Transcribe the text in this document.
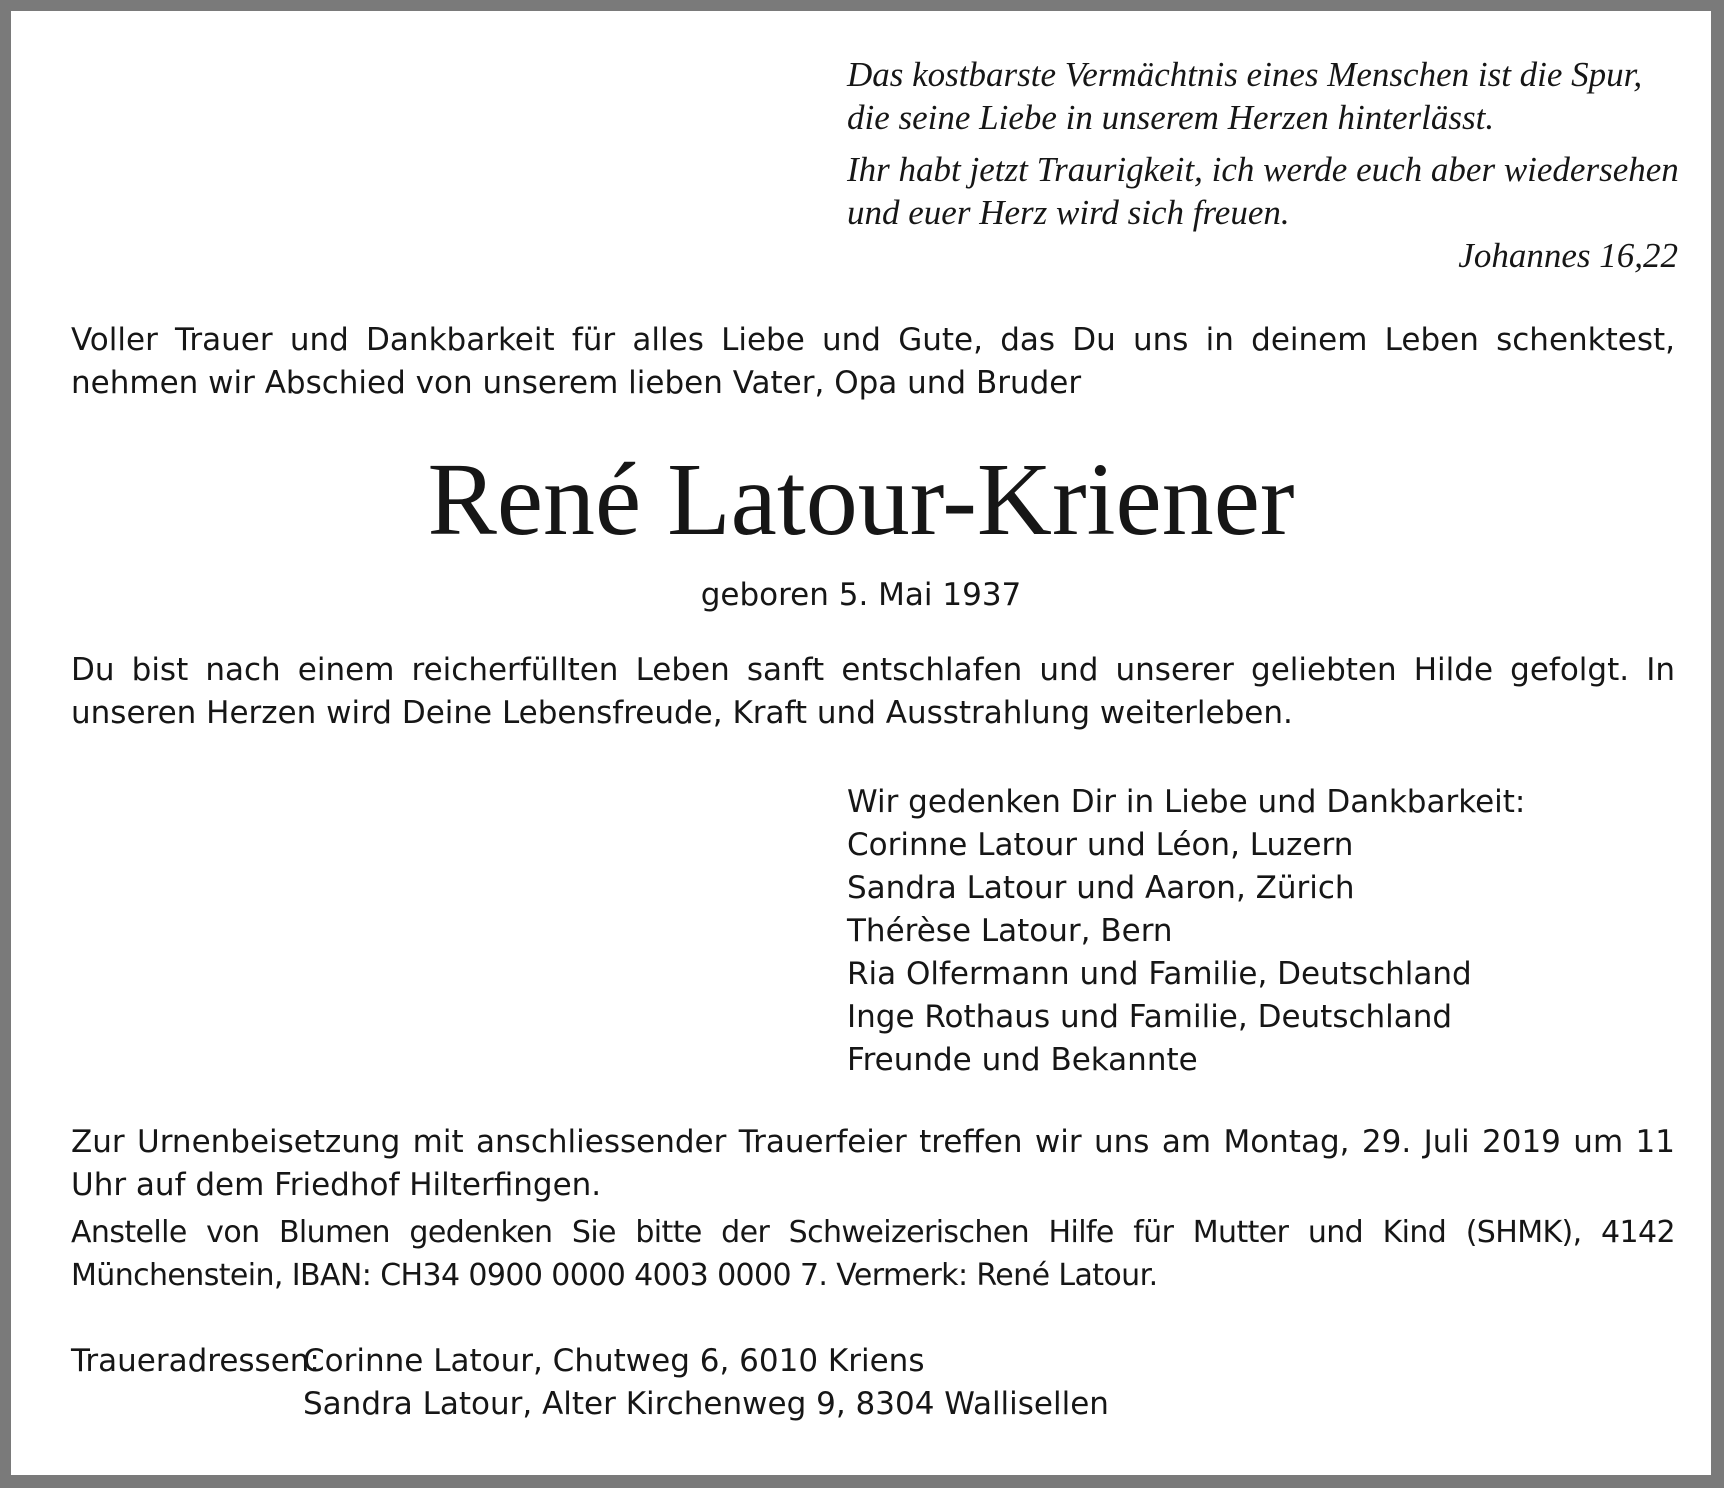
Das kostbarste Vermächtnis eines Menschen ist die Spur,
die seine Liebe in unserem Herzen hinterlässt.

Ihr habt jetzt Traurigkeit, ich werde euch aber wiedersehen
und euer Herz wird sich freuen.

Johannes 16,22

Voller Trauer und Dankbarkeit für alles Liebe und Gute, das Du uns in deinem Leben schenktest, nehmen wir Abschied von unserem lieben Vater, Opa und Bruder

René Latour-Kriener
geboren 5. Mai 1937

Du bist nach einem reicherfüllten Leben sanft entschlafen und unserer geliebten Hilde gefolgt. In unseren Herzen wird Deine Lebensfreude, Kraft und Ausstrahlung weiterleben.

Wir gedenken Dir in Liebe und Dankbarkeit:
Corinne Latour und Léon, Luzern
Sandra Latour und Aaron, Zürich
Thérèse Latour, Bern
Ria Olfermann und Familie, Deutschland
Inge Rothaus und Familie, Deutschland
Freunde und Bekannte

Zur Urnenbeisetzung mit anschliessender Trauerfeier treffen wir uns am Montag, 29. Juli 2019 um 11 Uhr auf dem Friedhof Hilterfingen.

Anstelle von Blumen gedenken Sie bitte der Schweizerischen Hilfe für Mutter und Kind (SHMK), 4142 Münchenstein, IBAN: CH34 0900 0000 4003 0000 7. Vermerk: René Latour.

Traueradressen:
Corinne Latour, Chutweg 6, 6010 Kriens
Sandra Latour, Alter Kirchenweg 9, 8304 Wallisellen
